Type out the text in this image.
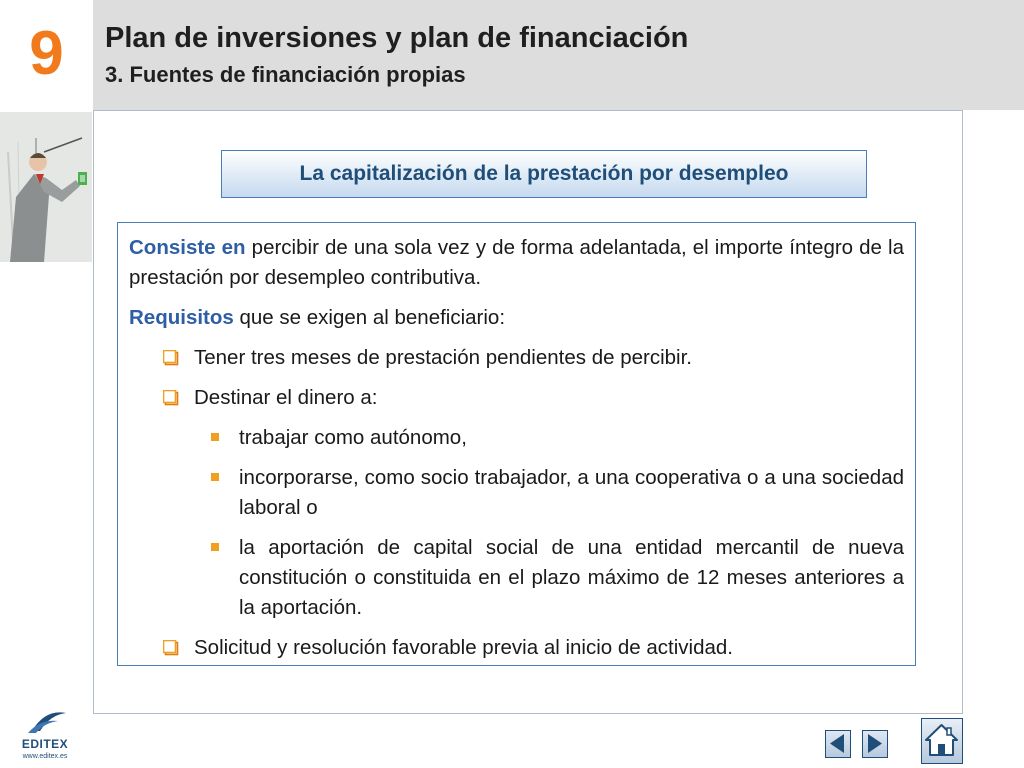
9	Plan de inversiones y plan de financiación
3. Fuentes de financiación propias
La capitalización de la prestación por desempleo
Consiste en percibir de una sola vez y de forma adelantada, el importe íntegro de la prestación por desempleo contributiva.
Requisitos que se exigen al beneficiario:
Tener tres meses de prestación pendientes de percibir.
Destinar el dinero a:
trabajar como autónomo,
incorporarse, como socio trabajador, a una cooperativa o a una sociedad laboral o
la aportación de capital social de una entidad mercantil de nueva constitución o constituida en el plazo máximo de 12 meses anteriores a la aportación.
Solicitud y resolución favorable previa al inicio de actividad.
EDITEX
www.editex.es
